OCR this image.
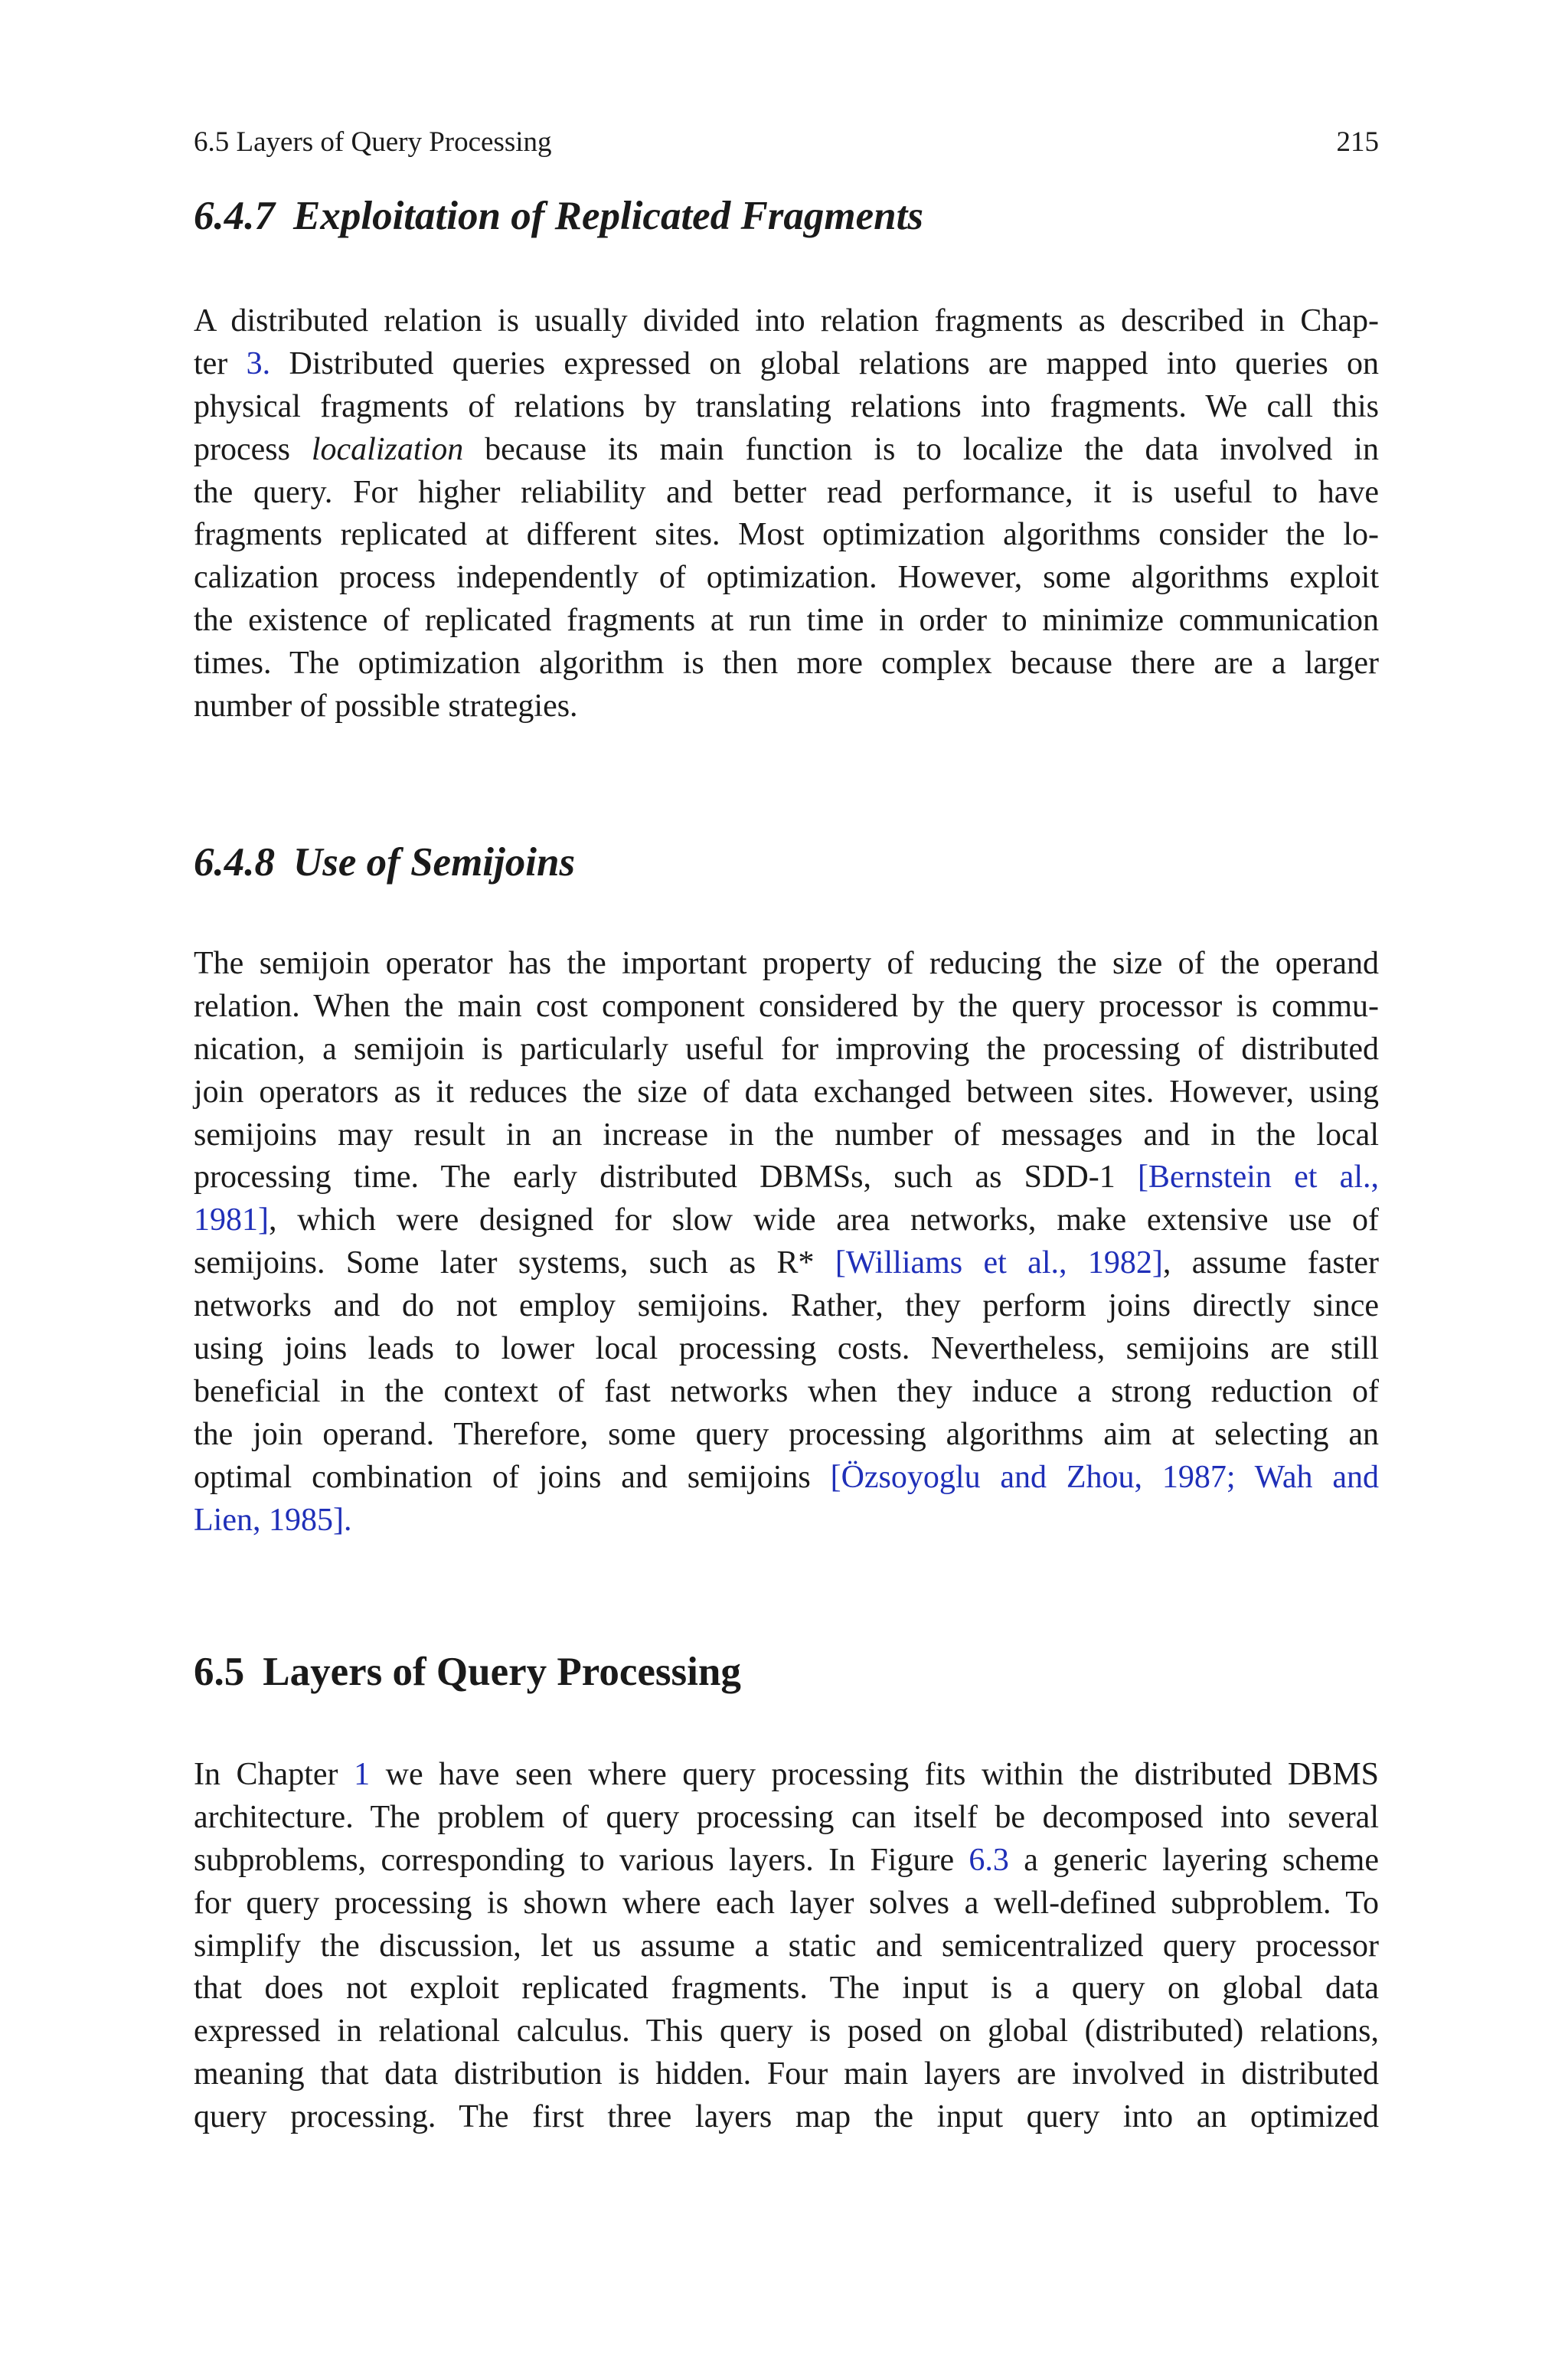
6.5 Layers of Query Processing	215
6.4.7 Exploitation of Replicated Fragments
A distributed relation is usually divided into relation fragments as described in Chap-
ter 3. Distributed queries expressed on global relations are mapped into queries on
physical fragments of relations by translating relations into fragments. We call this
process localization because its main function is to localize the data involved in
the query. For higher reliability and better read performance, it is useful to have
fragments replicated at different sites. Most optimization algorithms consider the lo-
calization process independently of optimization. However, some algorithms exploit
the existence of replicated fragments at run time in order to minimize communication
times. The optimization algorithm is then more complex because there are a larger
number of possible strategies.
6.4.8 Use of Semijoins
The semijoin operator has the important property of reducing the size of the operand
relation. When the main cost component considered by the query processor is commu-
nication, a semijoin is particularly useful for improving the processing of distributed
join operators as it reduces the size of data exchanged between sites. However, using
semijoins may result in an increase in the number of messages and in the local
processing time. The early distributed DBMSs, such as SDD-1 [Bernstein et al.,
1981], which were designed for slow wide area networks, make extensive use of
semijoins. Some later systems, such as R* [Williams et al., 1982], assume faster
networks and do not employ semijoins. Rather, they perform joins directly since
using joins leads to lower local processing costs. Nevertheless, semijoins are still
beneficial in the context of fast networks when they induce a strong reduction of
the join operand. Therefore, some query processing algorithms aim at selecting an
optimal combination of joins and semijoins [Özsoyoglu and Zhou, 1987; Wah and
Lien, 1985].
6.5 Layers of Query Processing
In Chapter 1 we have seen where query processing fits within the distributed DBMS
architecture. The problem of query processing can itself be decomposed into several
subproblems, corresponding to various layers. In Figure 6.3 a generic layering scheme
for query processing is shown where each layer solves a well-defined subproblem. To
simplify the discussion, let us assume a static and semicentralized query processor
that does not exploit replicated fragments. The input is a query on global data
expressed in relational calculus. This query is posed on global (distributed) relations,
meaning that data distribution is hidden. Four main layers are involved in distributed
query processing. The first three layers map the input query into an optimized
